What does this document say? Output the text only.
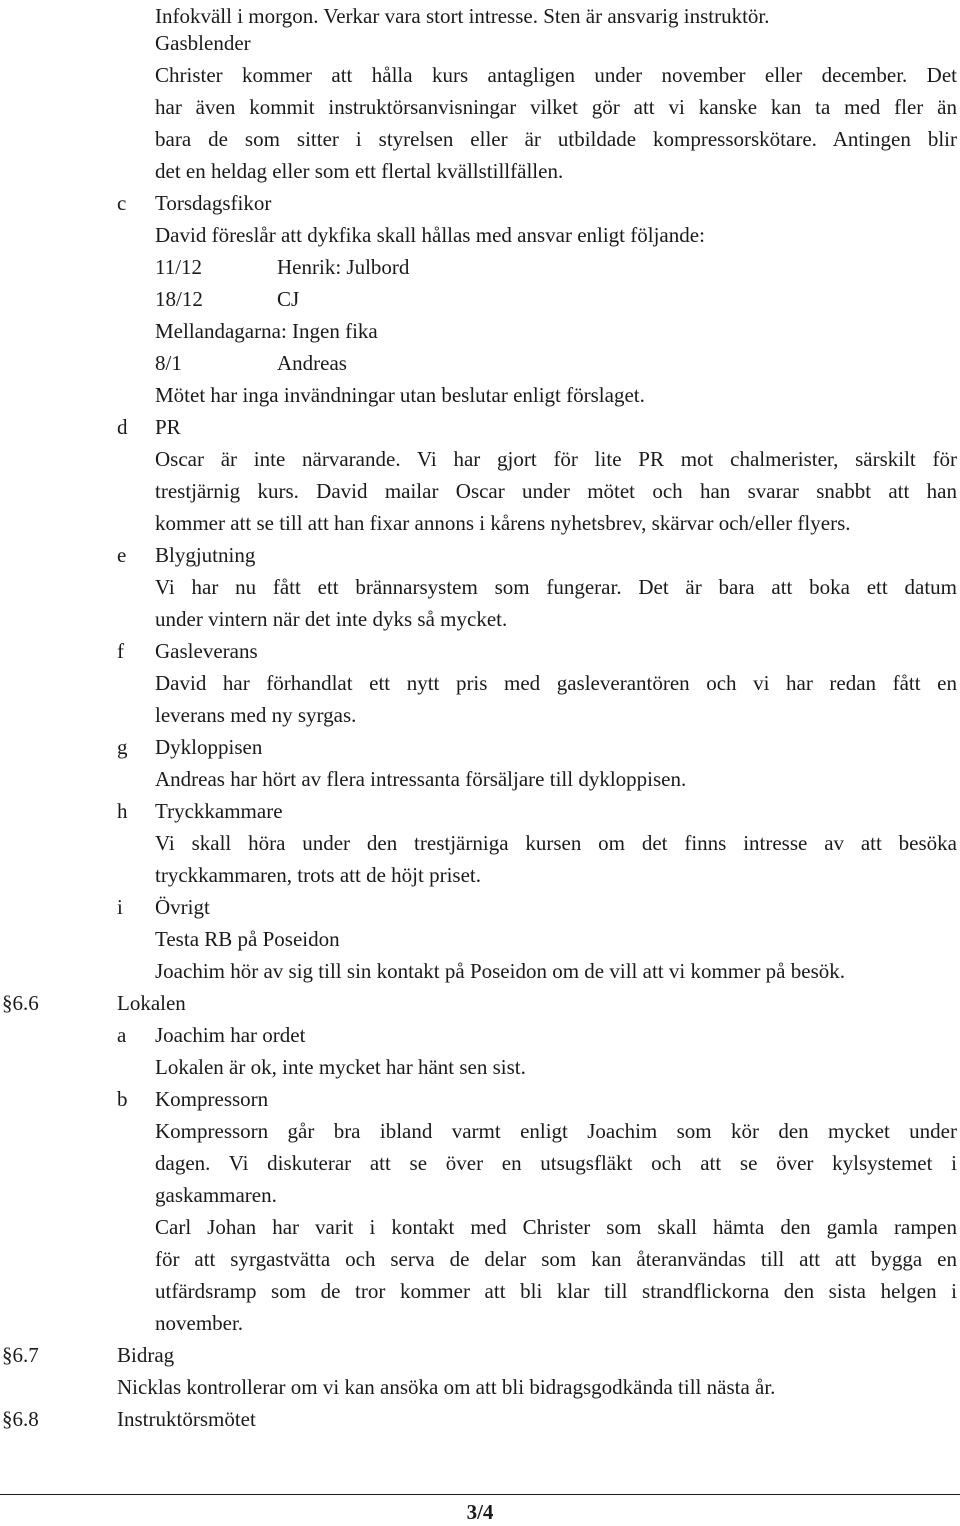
Infokväll i morgon. Verkar vara stort intresse. Sten är ansvarig instruktör.
Gasblender
Christer kommer att hålla kurs antagligen under november eller december. Det
har även kommit instruktörsanvisningar vilket gör att vi kanske kan ta med fler än
bara de som sitter i styrelsen eller är utbildade kompressorskötare. Antingen blir
det en heldag eller som ett flertal kvällstillfällen.
c Torsdagsfikor
David föreslår att dykfika skall hållas med ansvar enligt följande:
11/12	Henrik: Julbord
18/12	CJ
Mellandagarna: Ingen fika
8/1	Andreas
Mötet har inga invändningar utan beslutar enligt förslaget.
d PR
Oscar är inte närvarande. Vi har gjort för lite PR mot chalmerister, särskilt för
trestjärnig kurs. David mailar Oscar under mötet och han svarar snabbt att han
kommer att se till att han fixar annons i kårens nyhetsbrev, skärvar och/eller flyers.
e Blygjutning
Vi har nu fått ett brännarsystem som fungerar. Det är bara att boka ett datum
under vintern när det inte dyks så mycket.
f Gasleverans
David har förhandlat ett nytt pris med gasleverantören och vi har redan fått en
leverans med ny syrgas.
g Dykloppisen
Andreas har hört av flera intressanta försäljare till dykloppisen.
h Tryckkammare
Vi skall höra under den trestjärniga kursen om det finns intresse av att besöka
tryckkammaren, trots att de höjt priset.
i Övrigt
Testa RB på Poseidon
Joachim hör av sig till sin kontakt på Poseidon om de vill att vi kommer på besök.
§6.6	Lokalen
a Joachim har ordet
Lokalen är ok, inte mycket har hänt sen sist.
b Kompressorn
Kompressorn går bra ibland varmt enligt Joachim som kör den mycket under
dagen. Vi diskuterar att se över en utsugsfläkt och att se över kylsystemet i
gaskammaren.
Carl Johan har varit i kontakt med Christer som skall hämta den gamla rampen
för att syrgastvätta och serva de delar som kan återanvändas till att att bygga en
utfärdsramp som de tror kommer att bli klar till strandflickorna den sista helgen i
november.
§6.7	Bidrag
Nicklas kontrollerar om vi kan ansöka om att bli bidragsgodkända till nästa år.
§6.8	Instruktörsmötet
3/4
